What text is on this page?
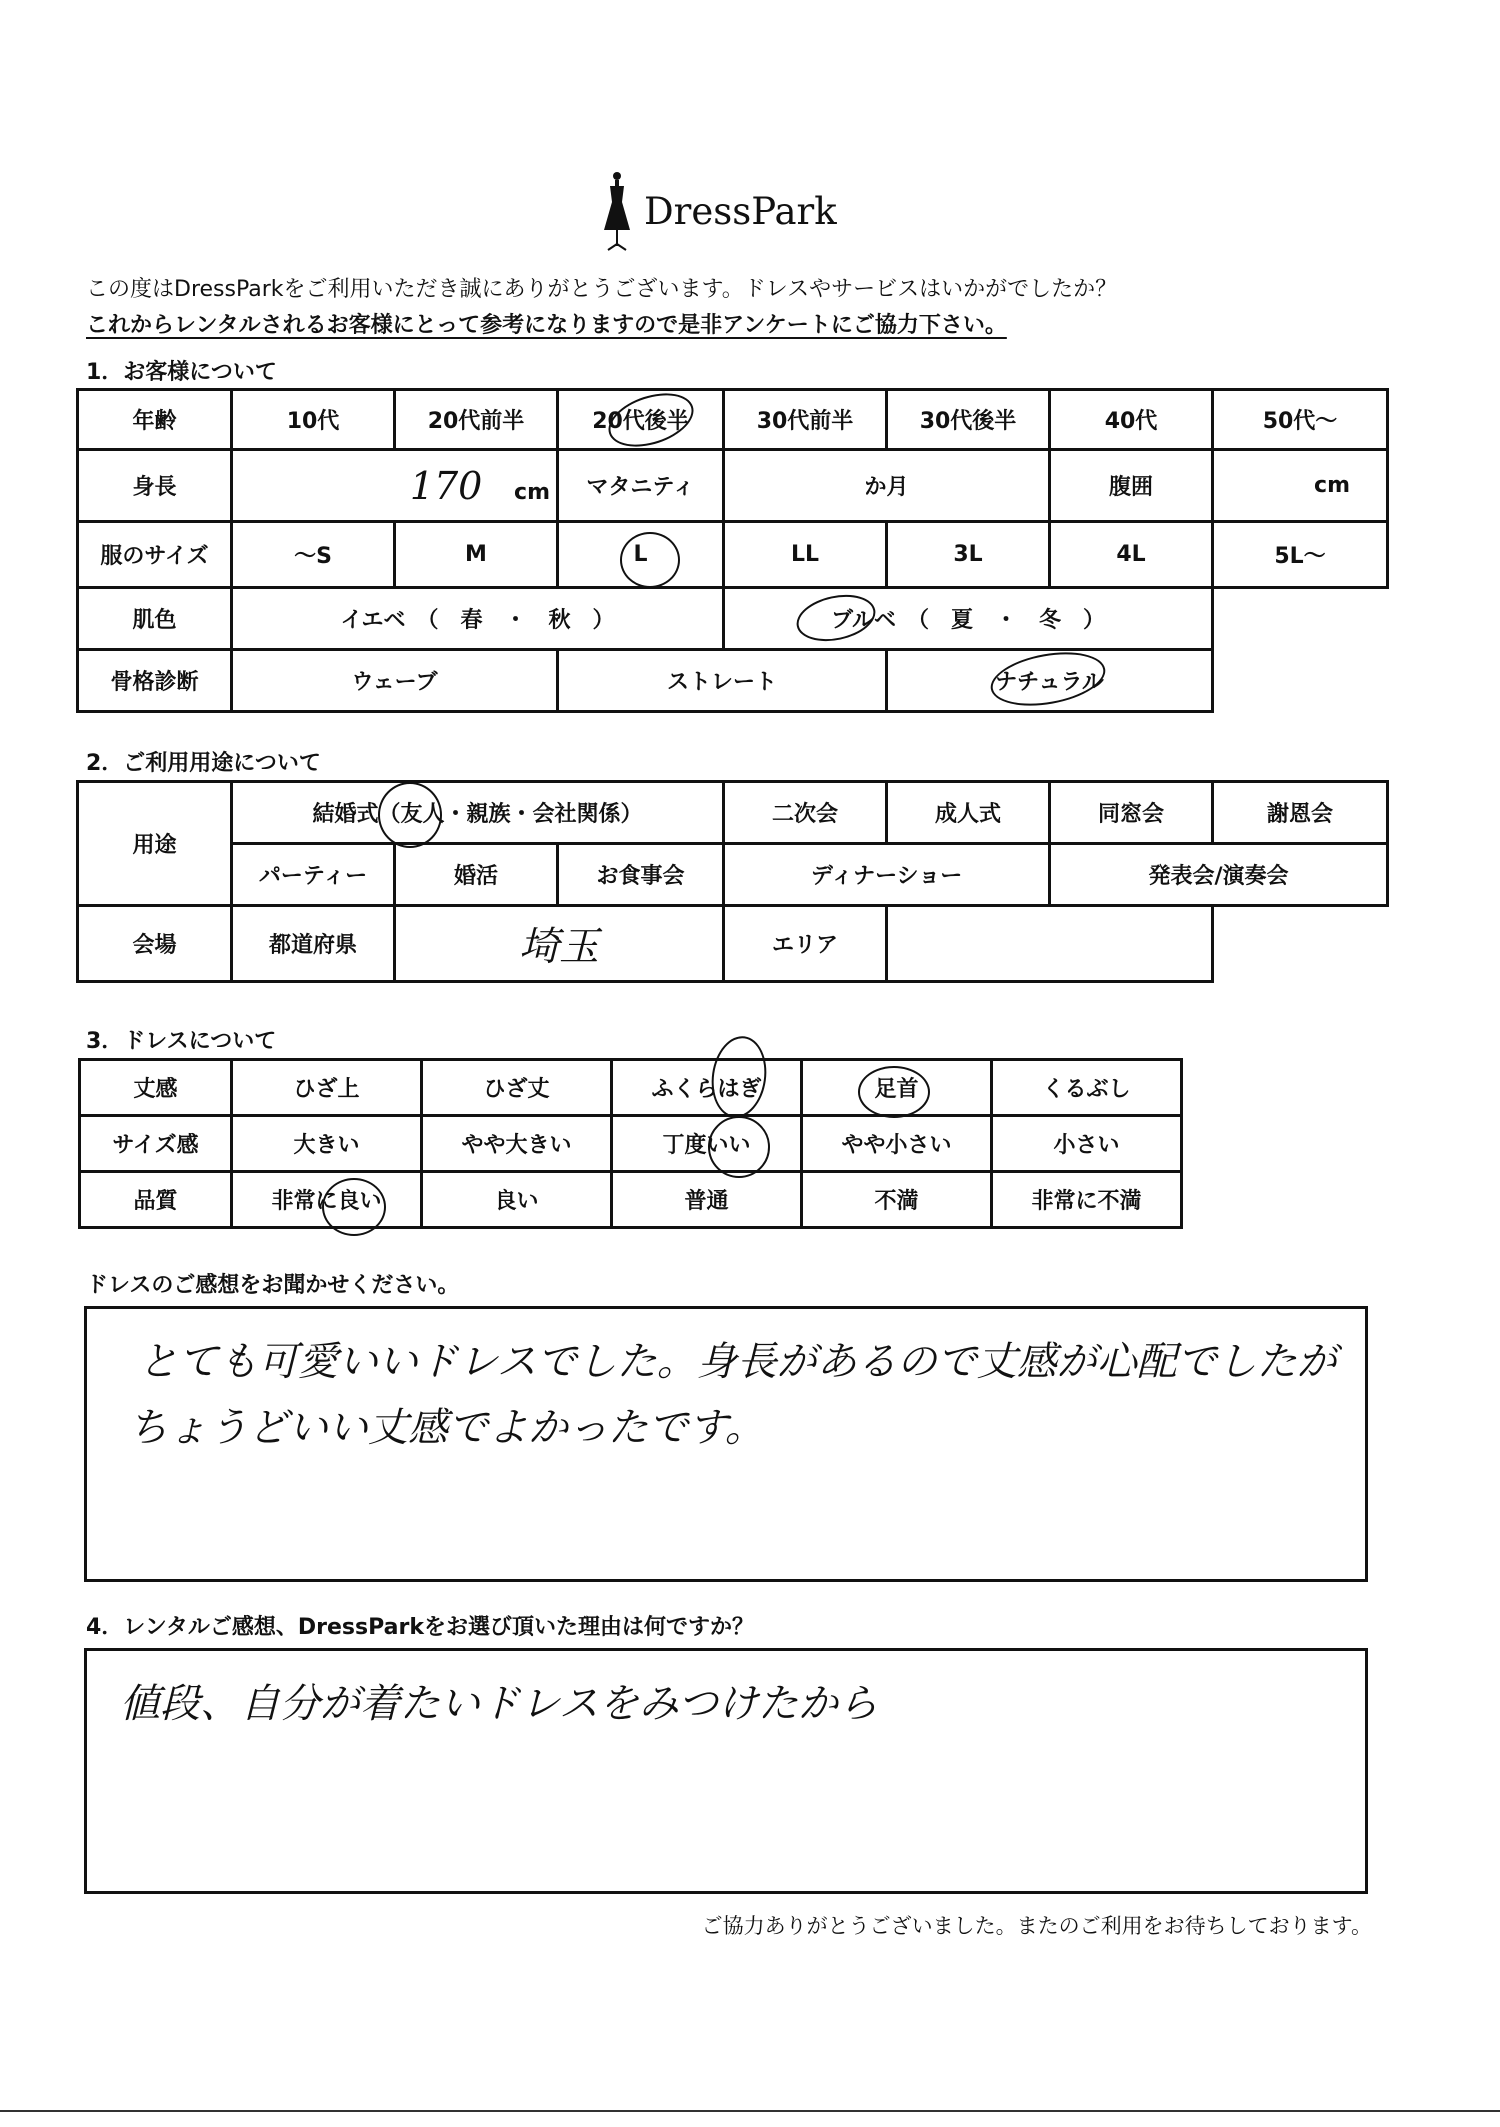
DressPark
この度はDressParkをご利用いただき誠にありがとうございます。ドレスやサービスはいかがでしたか？
これからレンタルされるお客様にとって参考になりますので是非アンケートにご協力下さい。
1．お客様について
年齢	10代	20代前半	20代後半	30代前半	30代後半	40代	50代～
身長	170 cm		マタニティ	か月		腹囲	cm
服のサイズ	～S	M	L	LL	3L	4L	5L～
肌色	イエベ　（　春　・　秋　）			ブルベ　（　夏　・　冬　）			
骨格診断	ウェーブ		ストレート		ナチュラル		
2．ご利用用途について
用途	結婚式（友人・親族・会社関係）			二次会	成人式	同窓会	謝恩会
	パーティー	婚活	お食事会	ディナーショー		発表会/演奏会	
会場	都道府県	埼玉		エリア			
3．ドレスについて
丈感	ひざ上	ひざ丈	ふくらはぎ	足首	くるぶし
サイズ感	大きい	やや大きい	丁度いい	やや小さい	小さい
品質	非常に良い	良い	普通	不満	非常に不満
ドレスのご感想をお聞かせください。
とても可愛いいドレスでした。身長があるので丈感が心配でしたが
ちょうどいい丈感でよかったです。
4．レンタルご感想、DressParkをお選び頂いた理由は何ですか？
値段、自分が着たいドレスをみつけたから
ご協力ありがとうございました。またのご利用をお待ちしております。
